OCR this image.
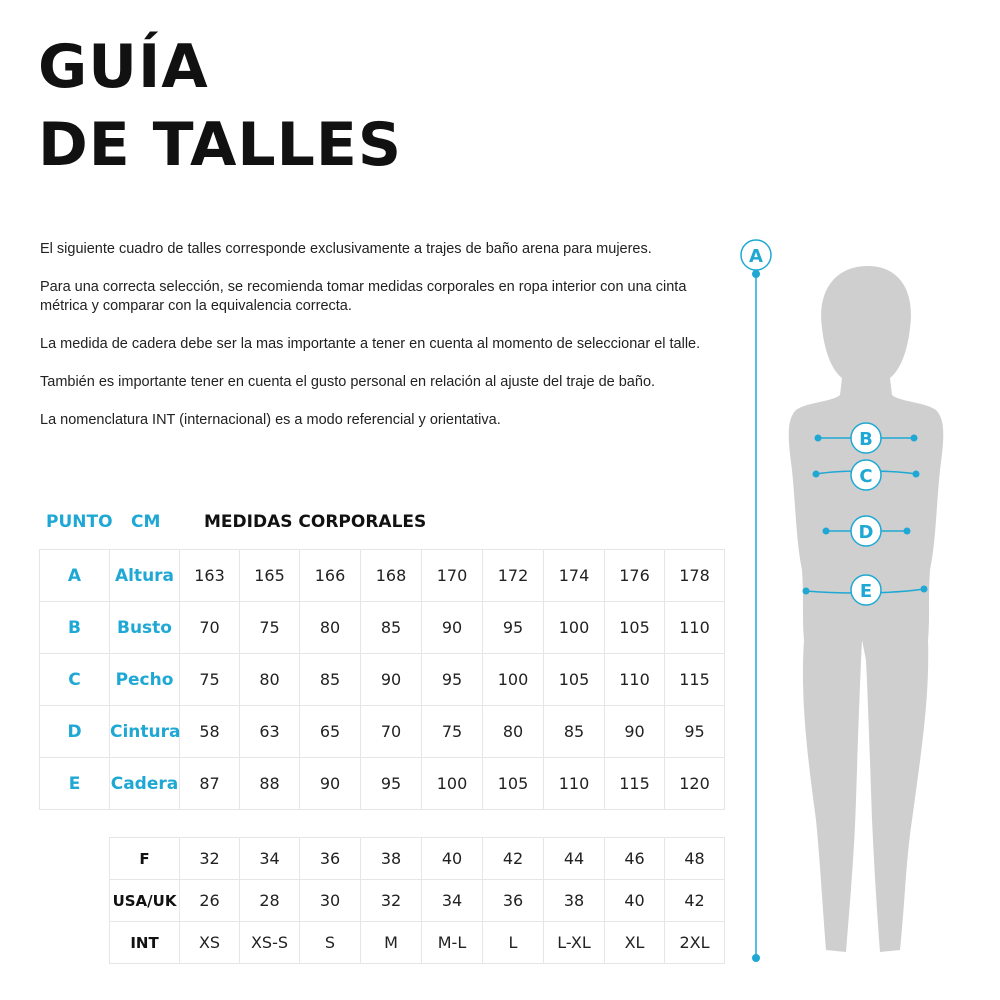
GUÍA
DE TALLES

El siguiente cuadro de talles corresponde exclusivamente a trajes de baño arena para mujeres.

Para una correcta selección, se recomienda tomar medidas corporales en ropa interior con una cinta métrica y comparar con la equivalencia correcta.

La medida de cadera debe ser la mas importante a tener en cuenta al momento de seleccionar el talle.

También es importante tener en cuenta el gusto personal en relación al ajuste del traje de baño.

La nomenclatura INT (internacional) es a modo referencial y orientativa.

PUNTO CM	MEDIDAS CORPORALES
A	Altura	163	165	166	168	170	172	174	176	178
B	Busto	70	75	80	85	90	95	100	105	110
C	Pecho	75	80	85	90	95	100	105	110	115
D	Cintura	58	63	65	70	75	80	85	90	95
E	Cadera	87	88	90	95	100	105	110	115	120
F	32	34	36	38	40	42	44	46	48
USA/UK	26	28	30	32	34	36	38	40	42
INT	XS	XS-S	S	M	M-L	L	L-XL	XL	2XL
A
B
C
D
E
